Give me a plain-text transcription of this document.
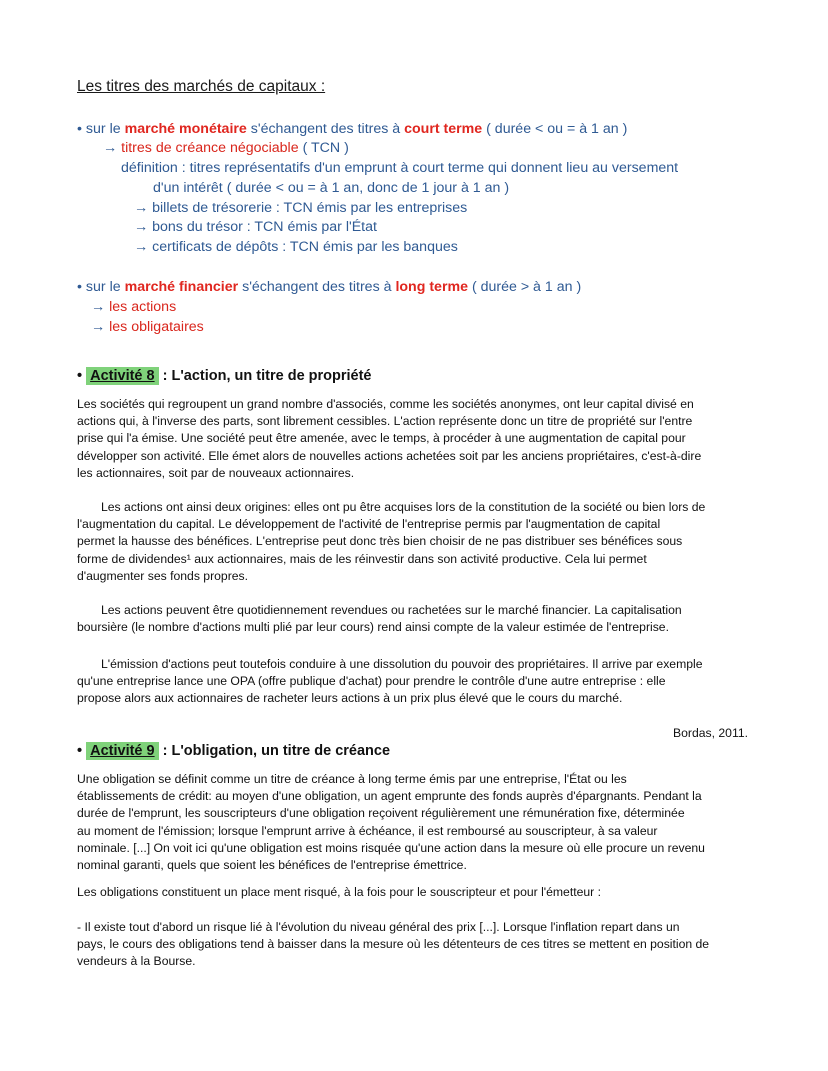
Les titres des marchés de capitaux :
• sur le marché monétaire s'échangent des titres à court terme ( durée < ou = à 1 an )
→ titres de créance négociable ( TCN )
définition : titres représentatifs d'un emprunt à court terme qui donnent lieu au versement
d'un intérêt ( durée < ou = à 1 an, donc de 1 jour à 1 an )
→ billets de trésorerie : TCN émis par les entreprises
→ bons du trésor : TCN émis par l'État
→ certificats de dépôts : TCN émis par les banques
• sur le marché financier s'échangent des titres à long terme ( durée > à 1 an )
→ les actions
→ les obligataires
• Activité 8 : L'action, un titre de propriété
Les sociétés qui regroupent un grand nombre d'associés, comme les sociétés anonymes, ont leur capital divisé en
actions qui, à l'inverse des parts, sont librement cessibles. L'action représente donc un titre de propriété sur l'entre
prise qui l'a émise. Une société peut être amenée, avec le temps, à procéder à une augmentation de capital pour
développer son activité. Elle émet alors de nouvelles actions achetées soit par les anciens propriétaires, c'est-à-dire
les actionnaires, soit par de nouveaux actionnaires.
Les actions ont ainsi deux origines: elles ont pu être acquises lors de la constitution de la société ou bien lors de
l'augmentation du capital. Le développement de l'activité de l'entreprise permis par l'augmentation de capital
permet la hausse des bénéfices. L'entreprise peut donc très bien choisir de ne pas distribuer ses bénéfices sous
forme de dividendes¹ aux actionnaires, mais de les réinvestir dans son activité productive. Cela lui permet
d'augmenter ses fonds propres.
Les actions peuvent être quotidiennement revendues ou rachetées sur le marché financier. La capitalisation
boursière (le nombre d'actions multi plié par leur cours) rend ainsi compte de la valeur estimée de l'entreprise.
L'émission d'actions peut toutefois conduire à une dissolution du pouvoir des propriétaires. Il arrive par exemple
qu'une entreprise lance une OPA (offre publique d'achat) pour prendre le contrôle d'une autre entreprise : elle
propose alors aux actionnaires de racheter leurs actions à un prix plus élevé que le cours du marché.
Bordas, 2011.
• Activité 9 : L'obligation, un titre de créance
Une obligation se définit comme un titre de créance à long terme émis par une entreprise, l'État ou les
établissements de crédit: au moyen d'une obligation, un agent emprunte des fonds auprès d'épargnants. Pendant la
durée de l'emprunt, les souscripteurs d'une obligation reçoivent régulièrement une rémunération fixe, déterminée
au moment de l'émission; lorsque l'emprunt arrive à échéance, il est remboursé au souscripteur, à sa valeur
nominale. [...] On voit ici qu'une obligation est moins risquée qu'une action dans la mesure où elle procure un revenu
nominal garanti, quels que soient les bénéfices de l'entreprise émettrice.
Les obligations constituent un place ment risqué, à la fois pour le souscripteur et pour l'émetteur :
- Il existe tout d'abord un risque lié à l'évolution du niveau général des prix [...]. Lorsque l'inflation repart dans un
pays, le cours des obligations tend à baisser dans la mesure où les détenteurs de ces titres se mettent en position de
vendeurs à la Bourse.
